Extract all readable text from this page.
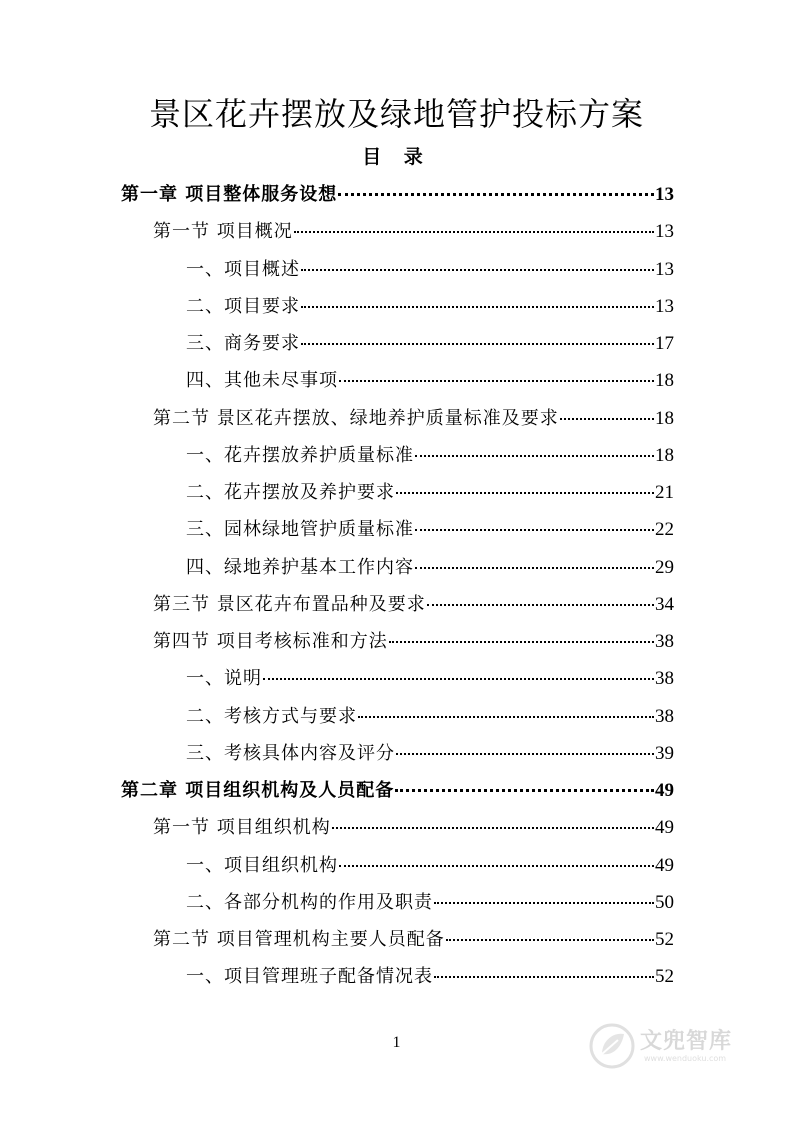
景区花卉摆放及绿地管护投标方案
目 录
第一章 项目整体服务设想	13
第一节 项目概况	13
一、项目概述	13
二、项目要求	13
三、商务要求	17
四、其他未尽事项	18
第二节 景区花卉摆放、绿地养护质量标准及要求	18
一、花卉摆放养护质量标准	18
二、花卉摆放及养护要求	21
三、园林绿地管护质量标准	22
四、绿地养护基本工作内容	29
第三节 景区花卉布置品种及要求	34
第四节 项目考核标准和方法	38
一、说明	38
二、考核方式与要求	38
三、考核具体内容及评分	39
第二章 项目组织机构及人员配备	49
第一节 项目组织机构	49
一、项目组织机构	49
二、各部分机构的作用及职责	50
第二节 项目管理机构主要人员配备	52
一、项目管理班子配备情况表	52
1	文兜智库
www.wenduoku.com
